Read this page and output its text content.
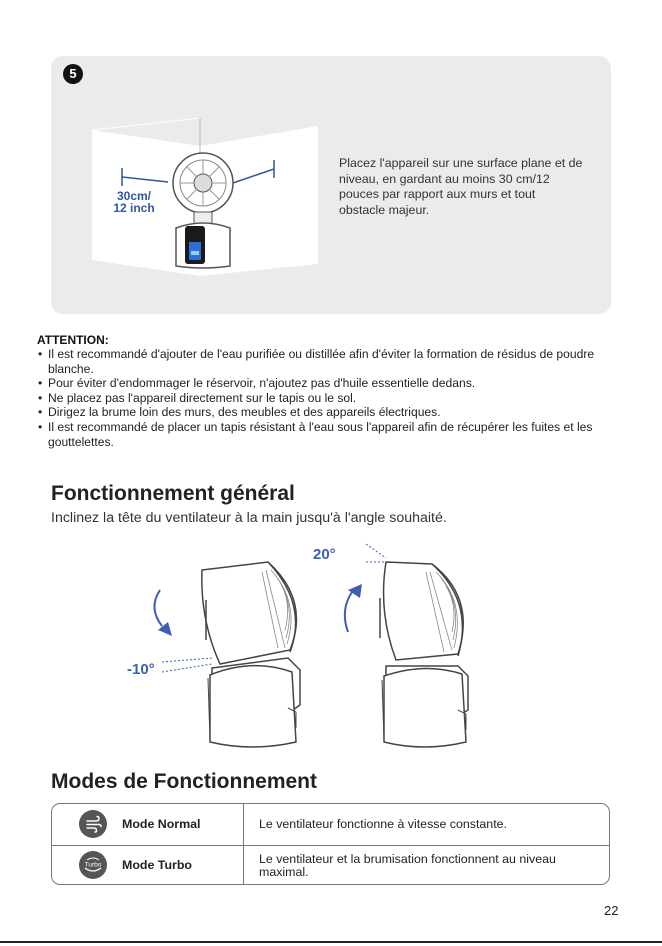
5
30cm/
12 inch
Placez l'appareil sur une surface plane et de niveau, en gardant au moins 30 cm/12 pouces par rapport aux murs et tout obstacle majeur.
ATTENTION:
• Il est recommandé d'ajouter de l'eau purifiée ou distillée afin d'éviter la formation de résidus de poudre blanche.
• Pour éviter d'endommager le réservoir, n'ajoutez pas d'huile essentielle dedans.
• Ne placez pas l'appareil directement sur le tapis ou le sol.
• Dirigez la brume loin des murs, des meubles et des appareils électriques.
• Il est recommandé de placer un tapis résistant à l'eau sous l'appareil afin de récupérer les fuites et les gouttelettes.
Fonctionnement général
Inclinez la tête du ventilateur à la main jusqu'à l'angle souhaité.
-10°
20°
Modes de Fonctionnement
Mode Normal	Le ventilateur fonctionne à vitesse constante.
Turbo Mode Turbo	Le ventilateur et la brumisation fonctionnent au niveau maximal.
22
